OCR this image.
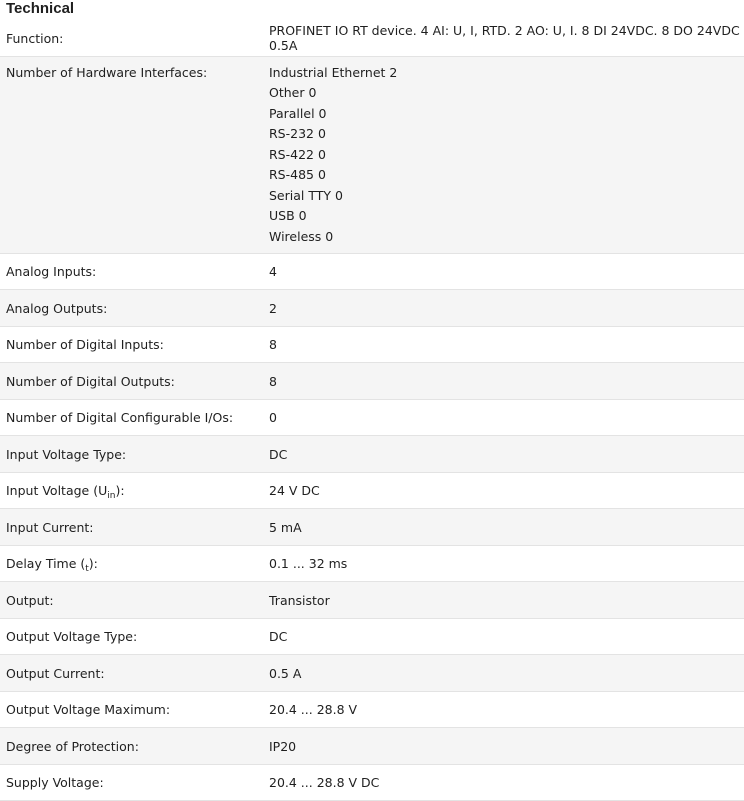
Technical
Function:	PROFINET IO RT device. 4 AI: U, I, RTD. 2 AO: U, I. 8 DI 24VDC. 8 DO 24VDC 0.5A
Number of Hardware Interfaces:	Industrial Ethernet 2
Other 0
Parallel 0
RS-232 0
RS-422 0
RS-485 0
Serial TTY 0
USB 0
Wireless 0
Analog Inputs:	4
Analog Outputs:	2
Number of Digital Inputs:	8
Number of Digital Outputs:	8
Number of Digital Configurable I/Os:	0
Input Voltage Type:	DC
Input Voltage $(U_{in})$:	24 V DC
Input Current:	5 mA
Delay Time $(_t)$:	0.1 ... 32 ms
Output:	Transistor
Output Voltage Type:	DC
Output Current:	0.5 A
Output Voltage Maximum:	20.4 ... 28.8 V
Degree of Protection:	IP20
Supply Voltage:	20.4 ... 28.8 V DC
